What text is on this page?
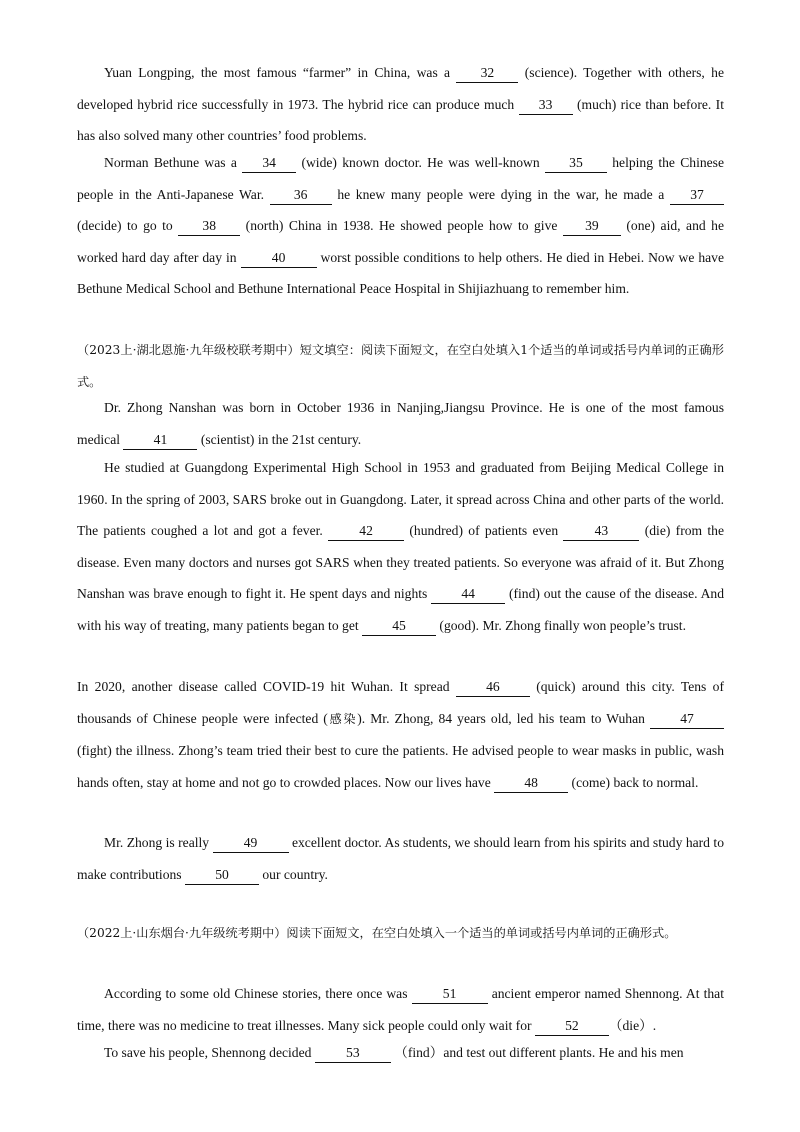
Yuan Longping, the most famous “farmer” in China, was a 32 (science). Together with others, he developed hybrid rice successfully in 1973. The hybrid rice can produce much 33 (much) rice than before. It has also solved many other countries’ food problems.

Norman Bethune was a 34 (wide) known doctor. He was well-known 35 helping the Chinese people in the Anti-Japanese War. 36 he knew many people were dying in the war, he made a 37 (decide) to go to 38 (north) China in 1938. He showed people how to give 39 (one) aid, and he worked hard day after day in 40 worst possible conditions to help others. He died in Hebei. Now we have Bethune Medical School and Bethune International Peace Hospital in Shijiazhuang to remember him.

（2023上·湖北恩施·九年级校联考期中）短文填空：阅读下面短文，在空白处填入1个适当的单词或括号内单词的正确形式。

Dr. Zhong Nanshan was born in October 1936 in Nanjing,Jiangsu Province. He is one of the most famous medical 41 (scientist) in the 21st century.

He studied at Guangdong Experimental High School in 1953 and graduated from Beijing Medical College in 1960. In the spring of 2003, SARS broke out in Guangdong. Later, it spread across China and other parts of the world. The patients coughed a lot and got a fever. 42 (hundred) of patients even 43 (die) from the disease. Even many doctors and nurses got SARS when they treated patients. So everyone was afraid of it. But Zhong Nanshan was brave enough to fight it. He spent days and nights 44 (find) out the cause of the disease. And with his way of treating, many patients began to get 45 (good). Mr. Zhong finally won people’s trust.

In 2020, another disease called COVID-19 hit Wuhan. It spread 46 (quick) around this city. Tens of thousands of Chinese people were infected (感染). Mr. Zhong, 84 years old, led his team to Wuhan 47 (fight) the illness. Zhong’s team tried their best to cure the patients. He advised people to wear masks in public, wash hands often, stay at home and not go to crowded places. Now our lives have 48 (come) back to normal.

Mr. Zhong is really 49 excellent doctor. As students, we should learn from his spirits and study hard to make contributions 50 our country.

（2022上·山东烟台·九年级统考期中）阅读下面短文，在空白处填入一个适当的单词或括号内单词的正确形式。

According to some old Chinese stories, there once was 51 ancient emperor named Shennong. At that time, there was no medicine to treat illnesses. Many sick people could only wait for 52 （die）.

To save his people, Shennong decided 53 （find）and test out different plants. He and his men
